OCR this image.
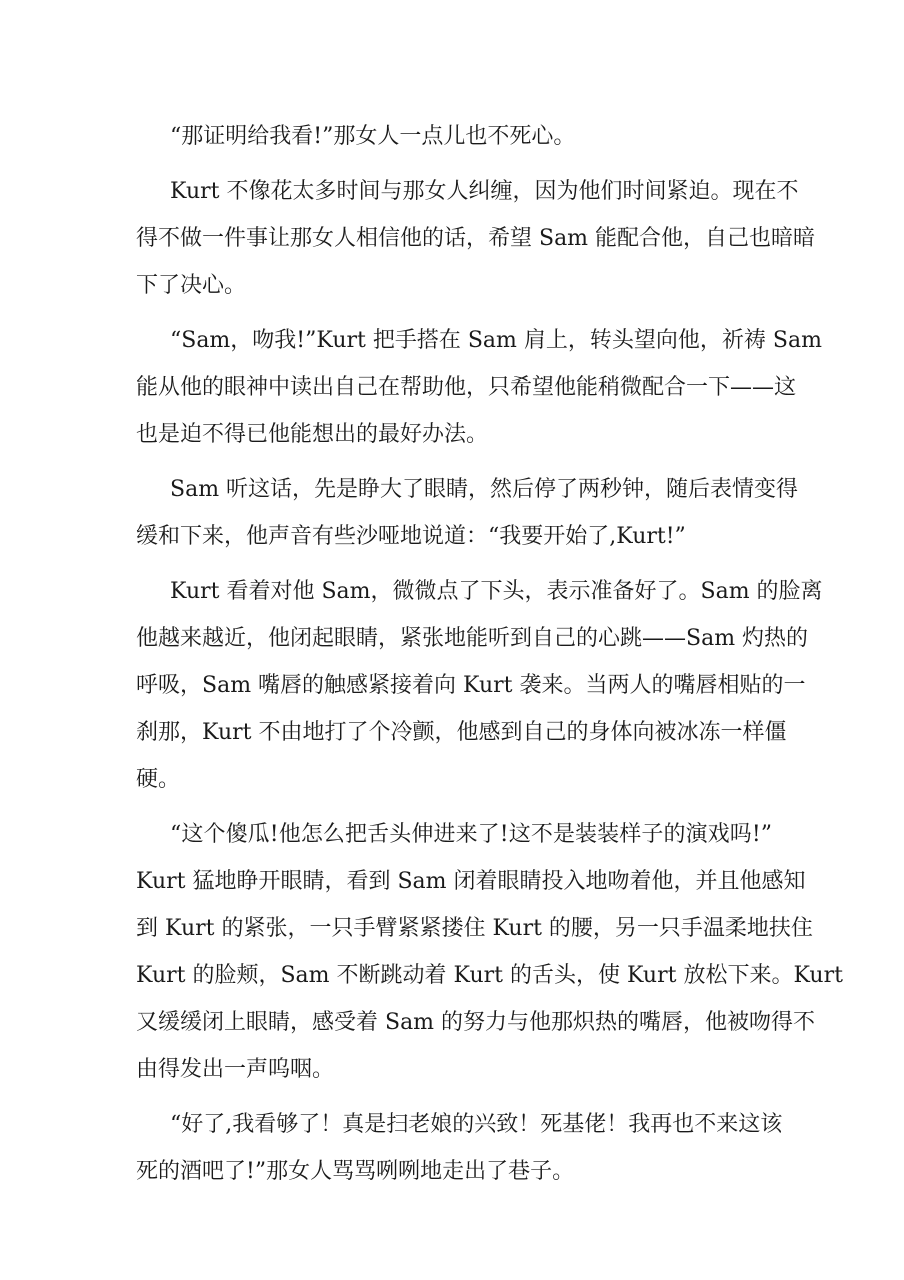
“那证明给我看!”那女人一点儿也不死心。
Kurt 不像花太多时间与那女人纠缠，因为他们时间紧迫。现在不
得不做一件事让那女人相信他的话，希望 Sam 能配合他，自己也暗暗
下了决心。
“Sam，吻我!”Kurt 把手搭在 Sam 肩上，转头望向他，祈祷 Sam
能从他的眼神中读出自己在帮助他，只希望他能稍微配合一下——这
也是迫不得已他能想出的最好办法。
Sam 听这话，先是睁大了眼睛，然后停了两秒钟，随后表情变得
缓和下来，他声音有些沙哑地说道：“我要开始了,Kurt!”
Kurt 看着对他 Sam，微微点了下头，表示准备好了。Sam 的脸离
他越来越近，他闭起眼睛，紧张地能听到自己的心跳——Sam 灼热的
呼吸，Sam 嘴唇的触感紧接着向 Kurt 袭来。当两人的嘴唇相贴的一
刹那，Kurt 不由地打了个冷颤，他感到自己的身体向被冰冻一样僵
硬。
“这个傻瓜!他怎么把舌头伸进来了!这不是装装样子的演戏吗!”
Kurt 猛地睁开眼睛，看到 Sam 闭着眼睛投入地吻着他，并且他感知
到 Kurt 的紧张，一只手臂紧紧搂住 Kurt 的腰，另一只手温柔地扶住
Kurt 的脸颊，Sam 不断跳动着 Kurt 的舌头，使 Kurt 放松下来。Kurt
又缓缓闭上眼睛，感受着 Sam 的努力与他那炽热的嘴唇，他被吻得不
由得发出一声呜咽。
“好了,我看够了！真是扫老娘的兴致！死基佬！我再也不来这该
死的酒吧了!”那女人骂骂咧咧地走出了巷子。
